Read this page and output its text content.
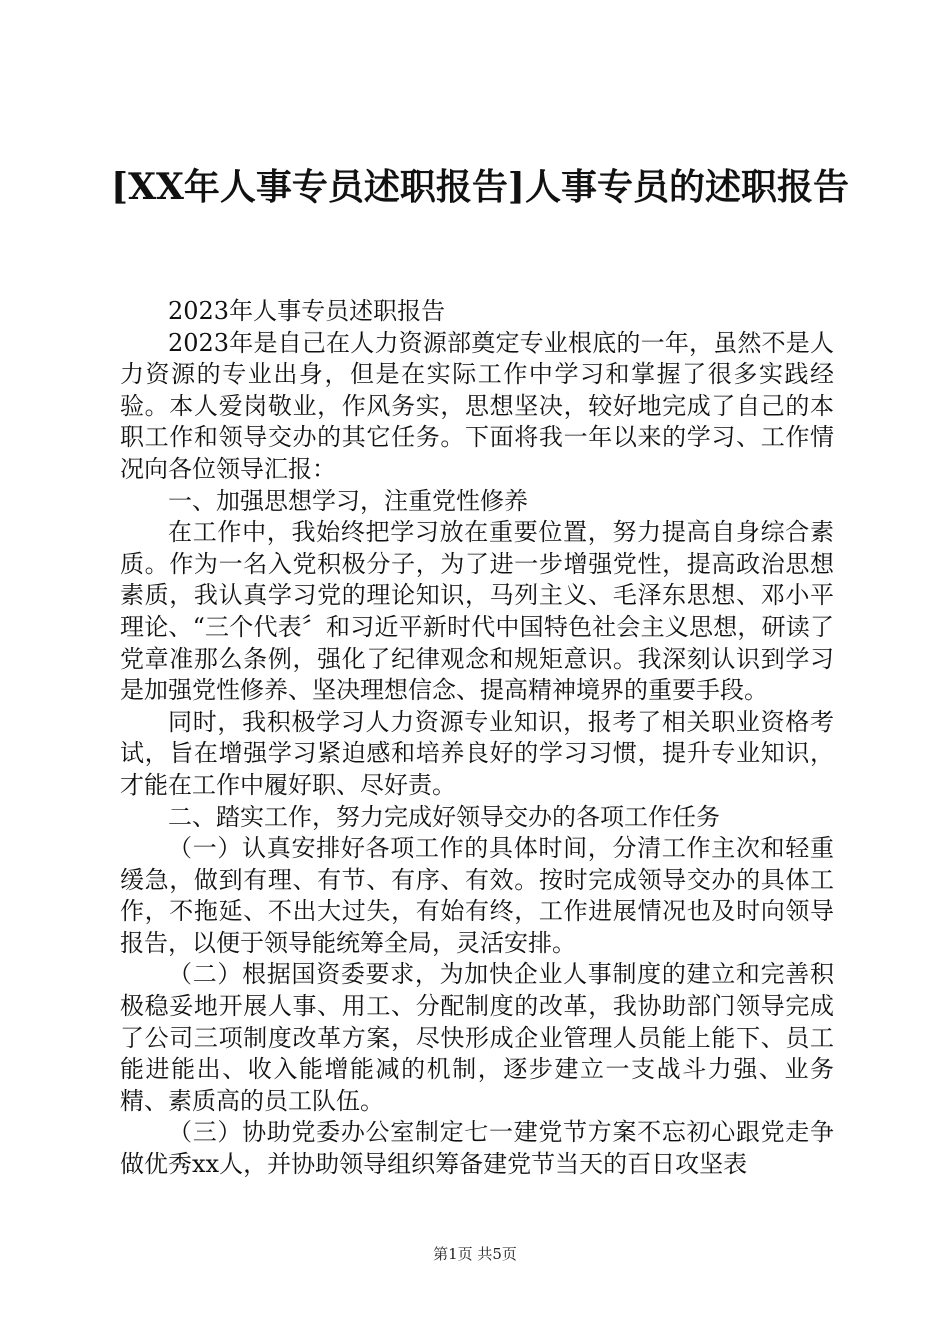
[XX年人事专员述职报告]人事专员的述职报告

2023年人事专员述职报告

2023年是自己在人力资源部奠定专业根底的一年，虽然不是人力资源的专业出身，但是在实际工作中学习和掌握了很多实践经验。本人爱岗敬业，作风务实，思想坚决，较好地完成了自己的本职工作和领导交办的其它任务。下面将我一年以来的学习、工作情况向各位领导汇报：

一、加强思想学习，注重党性修养

在工作中，我始终把学习放在重要位置，努力提高自身综合素质。作为一名入党积极分子，为了进一步增强党性，提高政治思想素质，我认真学习党的理论知识，马列主义、毛泽东思想、邓小平理论、“三个代表〞和习近平新时代中国特色社会主义思想，研读了党章准那么条例，强化了纪律观念和规矩意识。我深刻认识到学习是加强党性修养、坚决理想信念、提高精神境界的重要手段。

同时，我积极学习人力资源专业知识，报考了相关职业资格考试，旨在增强学习紧迫感和培养良好的学习习惯，提升专业知识，才能在工作中履好职、尽好责。

二、踏实工作，努力完成好领导交办的各项工作任务

（一）认真安排好各项工作的具体时间，分清工作主次和轻重缓急，做到有理、有节、有序、有效。按时完成领导交办的具体工作，不拖延、不出大过失，有始有终，工作进展情况也及时向领导报告，以便于领导能统筹全局，灵活安排。

（二）根据国资委要求，为加快企业人事制度的建立和完善积极稳妥地开展人事、用工、分配制度的改革，我协助部门领导完成了公司三项制度改革方案，尽快形成企业管理人员能上能下、员工能进能出、收入能增能减的机制，逐步建立一支战斗力强、业务精、素质高的员工队伍。

（三）协助党委办公室制定七一建党节方案不忘初心跟党走争做优秀xx人，并协助领导组织筹备建党节当天的百日攻坚表

第1页 共5页
